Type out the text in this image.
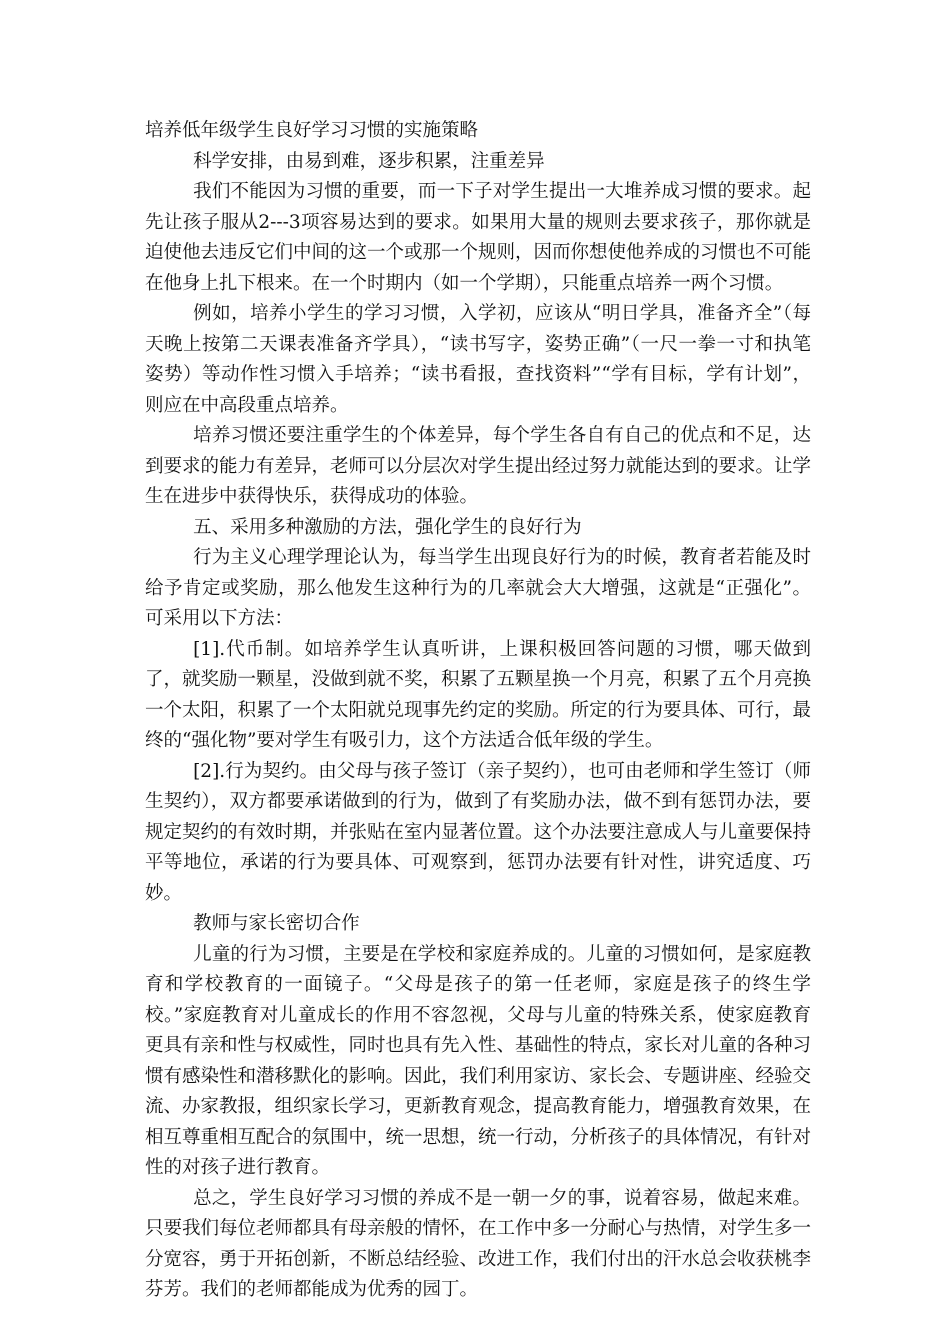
培养低年级学生良好学习习惯的实施策略

科学安排，由易到难，逐步积累，注重差异

我们不能因为习惯的重要，而一下子对学生提出一大堆养成习惯的要求。起先让孩子服从2---3项容易达到的要求。如果用大量的规则去要求孩子，那你就是迫使他去违反它们中间的这一个或那一个规则，因而你想使他养成的习惯也不可能在他身上扎下根来。在一个时期内（如一个学期），只能重点培养一两个习惯。

例如，培养小学生的学习习惯，入学初，应该从“明日学具，准备齐全”（每天晚上按第二天课表准备齐学具），“读书写字，姿势正确”（一尺一拳一寸和执笔姿势）等动作性习惯入手培养；“读书看报，查找资料”“学有目标，学有计划”，则应在中高段重点培养。

培养习惯还要注重学生的个体差异，每个学生各自有自己的优点和不足，达到要求的能力有差异，老师可以分层次对学生提出经过努力就能达到的要求。让学生在进步中获得快乐，获得成功的体验。

五、采用多种激励的方法，强化学生的良好行为

行为主义心理学理论认为，每当学生出现良好行为的时候，教育者若能及时给予肯定或奖励，那么他发生这种行为的几率就会大大增强，这就是“正强化”。可采用以下方法：

[1].代币制。如培养学生认真听讲，上课积极回答问题的习惯，哪天做到了，就奖励一颗星，没做到就不奖，积累了五颗星换一个月亮，积累了五个月亮换一个太阳，积累了一个太阳就兑现事先约定的奖励。所定的行为要具体、可行，最终的“强化物”要对学生有吸引力，这个方法适合低年级的学生。

[2].行为契约。由父母与孩子签订（亲子契约），也可由老师和学生签订（师生契约），双方都要承诺做到的行为，做到了有奖励办法，做不到有惩罚办法，要规定契约的有效时期，并张贴在室内显著位置。这个办法要注意成人与儿童要保持平等地位，承诺的行为要具体、可观察到，惩罚办法要有针对性，讲究适度、巧妙。

教师与家长密切合作

儿童的行为习惯，主要是在学校和家庭养成的。儿童的习惯如何，是家庭教育和学校教育的一面镜子。“父母是孩子的第一任老师，家庭是孩子的终生学校。”家庭教育对儿童成长的作用不容忽视，父母与儿童的特殊关系，使家庭教育更具有亲和性与权威性，同时也具有先入性、基础性的特点，家长对儿童的各种习惯有感染性和潜移默化的影响。因此，我们利用家访、家长会、专题讲座、经验交流、办家教报，组织家长学习，更新教育观念，提高教育能力，增强教育效果，在相互尊重相互配合的氛围中，统一思想，统一行动，分析孩子的具体情况，有针对性的对孩子进行教育。

总之，学生良好学习习惯的养成不是一朝一夕的事，说着容易，做起来难。只要我们每位老师都具有母亲般的情怀，在工作中多一分耐心与热情，对学生多一分宽容，勇于开拓创新，不断总结经验、改进工作，我们付出的汗水总会收获桃李芬芳。我们的老师都能成为优秀的园丁。
